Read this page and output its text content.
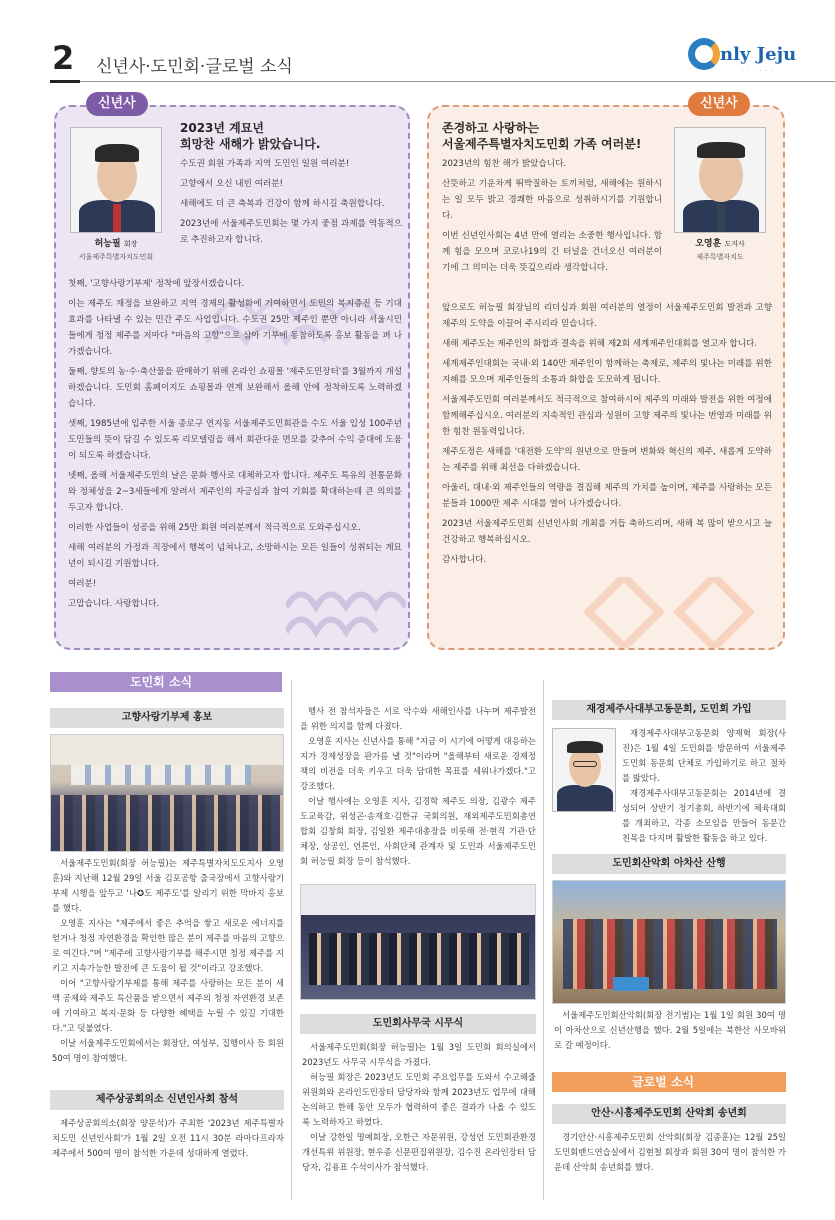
2 신년사·도민회·글로벌 소식
nly Jeju
· · · · · ·
신년사
허능필 회장
서울제주특별자치도민회
2023년 계묘년
희망찬 새해가 밝았습니다.

수도권 회원 가족과 지역 도민인 일원 여러분!

고향에서 오신 내빈 여러분!

새해에도 더 큰 축복과 건강이 함께 하시길 축원합니다.

2023년에 서울제주도민회는 몇 가지 중점 과제를 역동적으로 추진하고자 합니다.

첫째, '고향사랑기부제' 정착에 앞장서겠습니다.

이는 제주도 재정을 보완하고 지역 경제의 활성화에 기여하면서 도민의 복지증진 등 기대 효과를 나타낼 수 있는 민간 주도 사업입니다. 수도권 25만 제주인 뿐만 아니라 서울시민들에게 청정 제주를 저마다 "마음의 고향"으로 삼아 기부에 동참하도록 홍보 활동을 펴 나가겠습니다.

둘째, 향토의 농·수·축산물을 판매하기 위해 온라인 쇼핑몰 '제주도민장터'를 3월까지 개설하겠습니다. 도민회 홈페이지도 쇼핑몰과 연계 보완해서 올해 안에 정착하도록 노력하겠습니다.

셋째, 1985년에 입주한 서울 종로구 연지동 서울제주도민회관을 수도 서울 입성 100주년 도민들의 뜻이 담길 수 있도록 리모델링을 해서 회관다운 면모를 갖추어 수익 증대에 도움이 되도록 하겠습니다.

넷째, 올해 서울제주도민의 날은 문화 행사로 대체하고자 합니다. 제주도 특유의 전통문화와 정체성을 2~3세들에게 알려서 제주인의 자긍심과 참여 기회를 확대하는데 큰 의의를 두고자 합니다.

이러한 사업들이 성공을 위해 25만 회원 여러분께서 적극적으로 도와주십시오.

새해 여러분의 가정과 직장에서 행복이 넘쳐나고, 소망하시는 모든 일들이 성취되는 계묘년이 되시길 기원합니다.

여러분!

고맙습니다. 사랑합니다.

신년사
오영훈 도지사
제주특별자치도
존경하고 사랑하는
서울제주특별자치도민회 가족 여러분!

2023년의 힘찬 해가 밝았습니다.

산뜻하고 기운차게 뛰박질하는 토끼처럼, 새해에는 원하시는 일 모두 밝고 경쾌한 마음으로 성취하시기를 기원합니다.

이번 신년인사회는 4년 만에 열리는 소중한 행사입니다. 함께 힘을 모으며 코로나19의 긴 터널을 건너오신 여러분이기에 그 의미는 더욱 뜻깊으리라 생각합니다.

앞으로도 허능필 회장님의 리더십과 회원 여러분의 열정이 서울제주도민회 발전과 고향 제주의 도약을 이끌어 주시리라 믿습니다.

새해 제주도는 제주인의 화합과 결속을 위해 제2회 세계제주인대회를 열고자 합니다.

세계제주인대회는 국내·외 140만 제주인이 함께하는 축제로, 제주의 빛나는 미래를 위한 지혜를 모으며 제주인들의 소통과 화합을 도모하게 됩니다.

서울제주도민회 여러분께서도 적극적으로 참여하시어 제주의 미래와 발전을 위한 여정에 함께해주십시오. 여러분의 지속적인 관심과 성원이 고향 제주의 빛나는 번영과 미래를 위한 힘찬 원동력입니다.

제주도정은 새해를 '대전환 도약'의 원년으로 만들며 변화와 혁신의 제주, 새롭게 도약하는 제주를 위해 최선을 다하겠습니다.

아울러, 대내·외 제주인들의 역량을 결집해 제주의 가치를 높이며, 제주를 사랑하는 모든 분들과 1000만 제주 시대를 열어 나가겠습니다.

2023년 서울제주도민회 신년인사회 개최를 거듭 축하드리며, 새해 복 많이 받으시고 늘 건강하고 행복하십시오.

감사합니다.

도민회 소식
고향사랑기부제 홍보

서울제주도민회(회장 허능필)는 제주특별자치도도지사 오영훈)와 지난해 12월 29일 서울 김포공항 출국장에서 고향사랑기부제 시행을 앞두고 '나✪도 제주도'를 알리기 위한 막바지 홍보를 했다.

오영훈 지사는 "제주에서 좋은 추억을 쌓고 새로운 에너지를 얻거나 청정 자연환경을 확인한 많은 분이 제주를 마음의 고향으로 여긴다."며 "제주에 고향사랑기부를 해주시면 청정 제주를 지키고 지속가능한 발전에 큰 도움이 될 것"이라고 강조했다.

이어 "고향사랑기부제를 통해 제주를 사랑하는 모든 분이 세액 공제와 제주도 특산품을 받으면서 제주의 청정 자연환경 보존에 기여하고 복지·문화 등 다양한 혜택을 누릴 수 있길 기대한다."고 덧붙였다.

이날 서울제주도민회에서는 회장단, 여성부, 집행이사 등 회원 50여 명이 참여했다.

제주상공회의소 신년인사회 참석

제주상공회의소(회장 양문석)가 주최한 '2023년 제주특별자치도민 신년인사회'가 1월 2일 오전 11시 30분 라마다프라자 제주에서 500여 명이 참석한 가운데 성대하게 열렸다.

행사 전 참석자들은 서로 악수와 새해인사를 나누며 제주발전을 위한 의지를 함께 다졌다.

오영훈 지사는 신년사를 통해 "지금 이 시기에 어떻게 대응하는 지가 경제성장을 판가름 낼 것"이라며 "올해부터 새로운 경제정책의 비전을 더욱 키우고 더욱 담대한 목표를 세워나가겠다."고 강조했다.

이날 행사에는 오영훈 지사, 김경학 제주도 의장, 김광수 제주도교육감, 위성곤·송재호·김한규 국회의원, 재외제주도민회총연합회 김창회 회장, 김일환 제주대총장을 비롯해 전·현직 기관·단체장, 상공인, 언론인, 사회단체 관계자 및 도민과 서울제주도민회 허능필 회장 등이 참석했다.

도민회사무국 시무식

서울제주도민회(회장 허능필)는 1월 3일 도민회 회의실에서 2023년도 사무국 시무식을 가졌다.

허능필 회장은 2023년도 도민회 주요업무를 도와서 수고해줄 위원회와 온라인도민장터 담당자와 함께 2023년도 업무에 대해 논의하고 한해 동안 모두가 협력하여 좋은 결과가 나올 수 있도록 노력하자고 하였다.

이날 강한일 명예회장, 오한근 자문위원, 강성언 도민회관환경개선특위 위원장, 현우종 신문편집위원장, 김수진 온라인장터 담당자, 김용표 수석이사가 참석했다.

재경제주사대부고동문회, 도민회 가입

재경제주사대부고동문회 양재혁 회장(사진)은 1월 4일 도민회를 방문하여 서울제주도민회 동문회 단체로 가입하기로 하고 절차를 밟았다.

재경제주사대부고동문회는 2014년에 결성되어 상반기 정기총회, 하반기에 체육대회를 개최하고, 각종 소모임을 만들어 동문간 친목을 다지며 활발한 활동을 하고 있다.

도민회산악회 아차산 산행

서울제주도민회산악회(회장 전기범)는 1월 1일 회원 30여 명이 아차산으로 신년산행을 했다. 2월 5일에는 북한산 사모바위로 갈 예정이다.

글로벌 소식
안산·시흥제주도민회 산악회 송년회

경기안산·시흥제주도민회 산악회(회장 김종훈)는 12월 25일 도민회밴드연습실에서 김현철 회장과 회원 30여 명이 참석한 가운데 산악회 송년회를 했다.
